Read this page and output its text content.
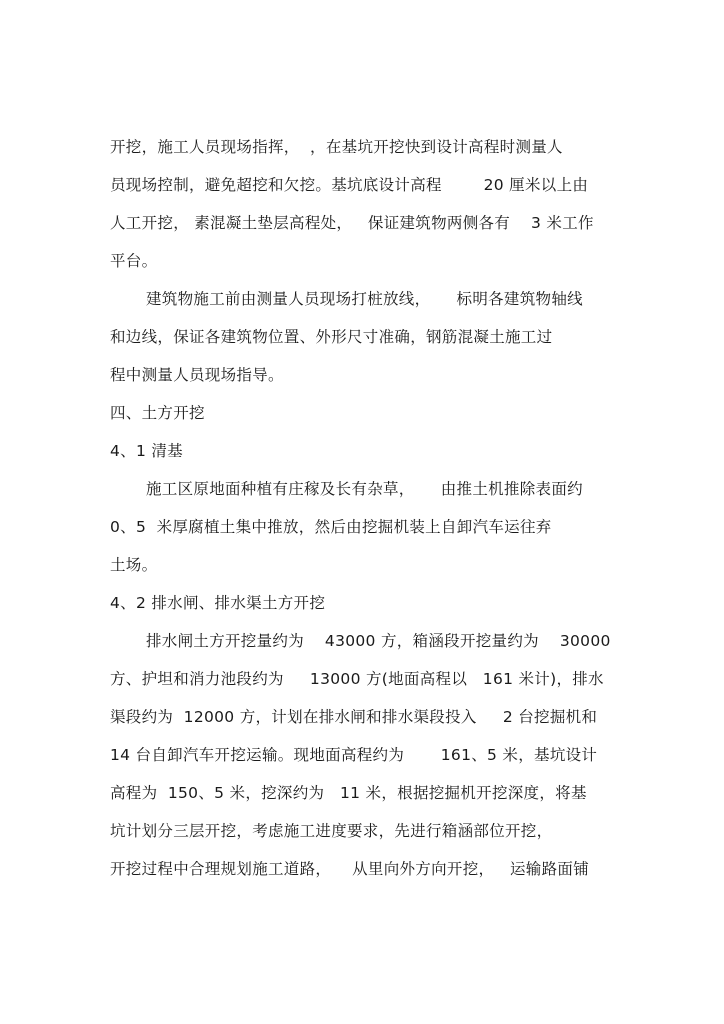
开挖，施工人员现场指挥，  ，在基坑开挖快到设计高程时测量人
员现场控制，避免超挖和欠挖。基坑底设计高程        20 厘米以上由
人工开挖， 素混凝土垫层高程处，   保证建筑物两侧各有    3 米工作
平台。
建筑物施工前由测量人员现场打桩放线，     标明各建筑物轴线
和边线，保证各建筑物位置、外形尺寸准确，钢筋混凝土施工过
程中测量人员现场指导。
四、土方开挖
4、1 清基
施工区原地面种植有庄稼及长有杂草，     由推土机推除表面约
0、5  米厚腐植土集中推放，然后由挖掘机装上自卸汽车运往弃
土场。
4、2 排水闸、排水渠土方开挖
排水闸土方开挖量约为    43000 方，箱涵段开挖量约为    30000
方、护坦和消力池段约为     13000 方(地面高程以   161 米计)，排水
渠段约为  12000 方，计划在排水闸和排水渠段投入     2 台挖掘机和
14 台自卸汽车开挖运输。现地面高程约为       161、5 米，基坑设计
高程为  150、5 米，挖深约为   11 米，根据挖掘机开挖深度，将基
坑计划分三层开挖，考虑施工进度要求，先进行箱涵部位开挖，
开挖过程中合理规划施工道路，    从里向外方向开挖，   运输路面铺
